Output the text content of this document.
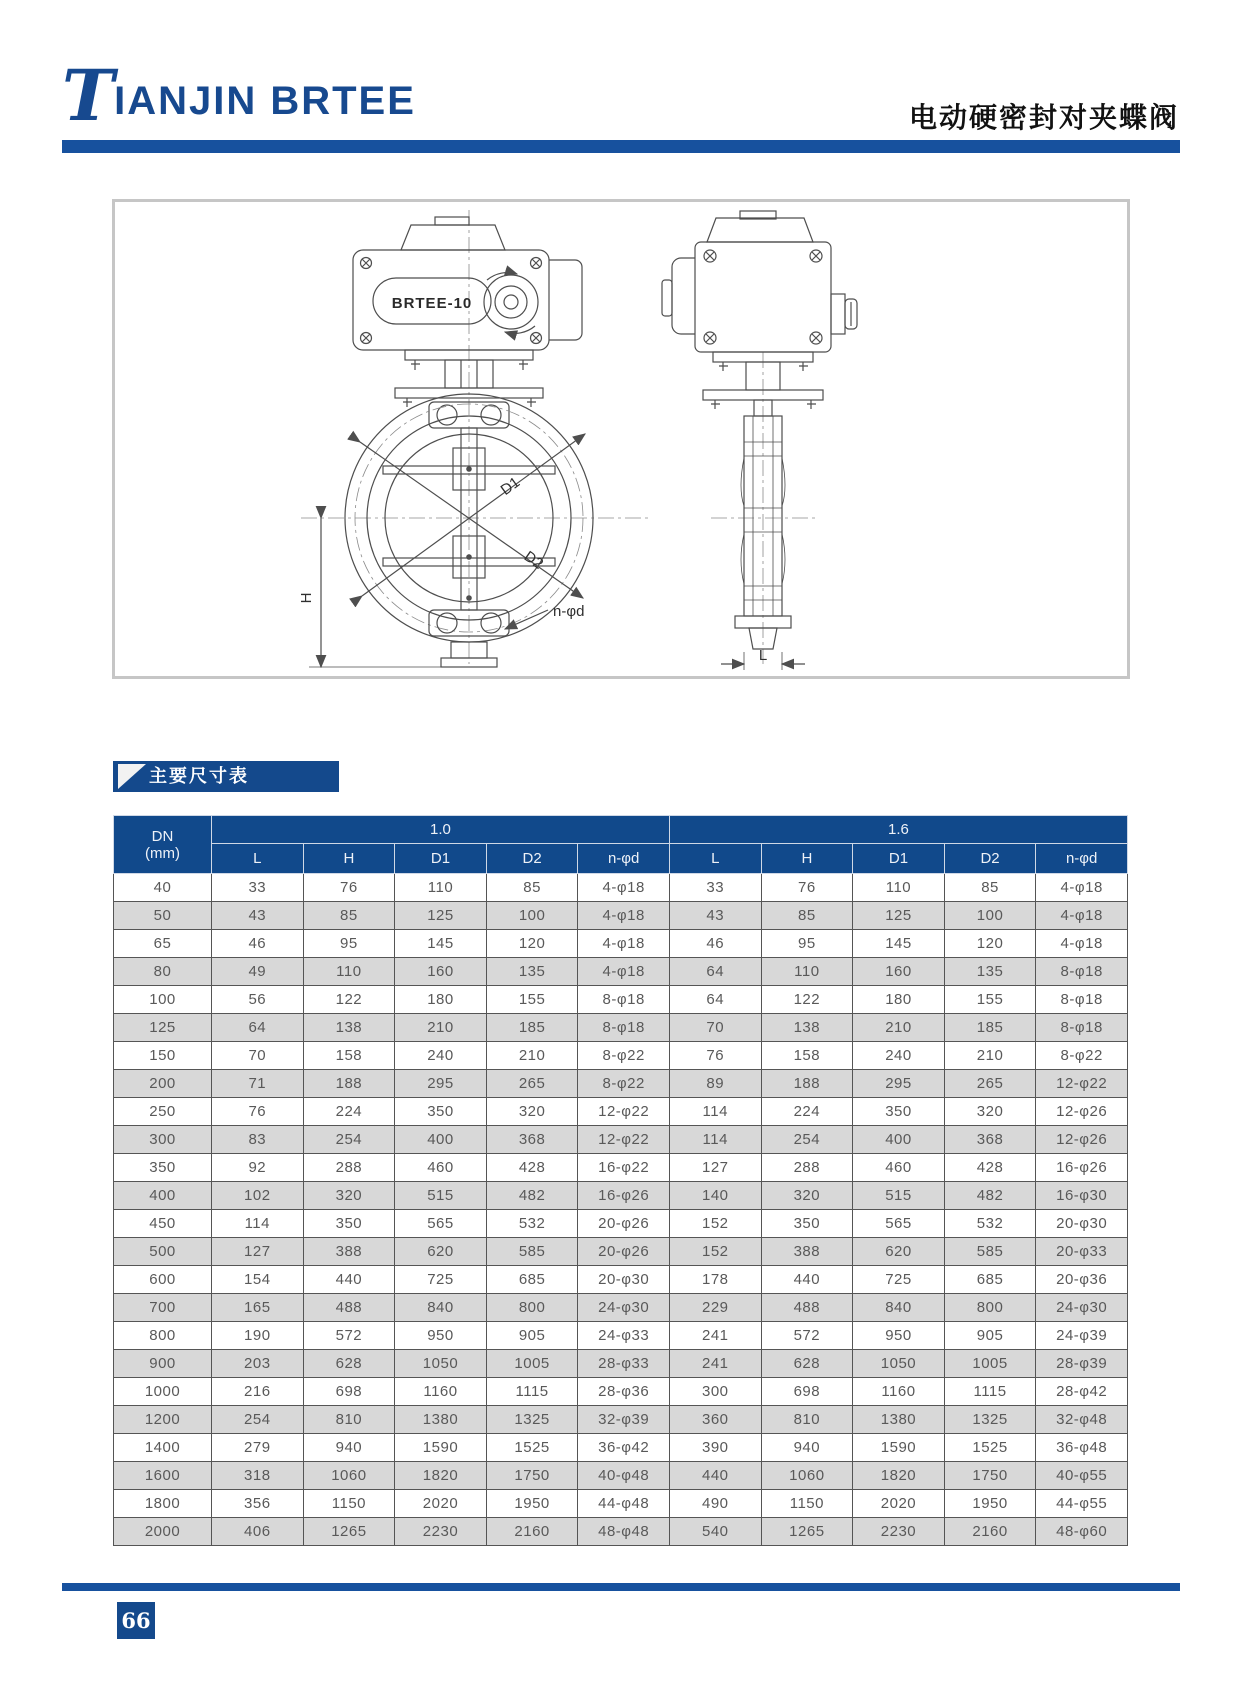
TIANJIN BRTEE	电动硬密封对夹蝶阀
BRTEE-10
D1
D2
H
n-φd
L
主要尺寸表
DN
(mm)	1.0					1.6				
	L	H	D1	D2	n-φd	L	H	D1	D2	n-φd
40	33	76	110	85	4-φ18	33	76	110	85	4-φ18
50	43	85	125	100	4-φ18	43	85	125	100	4-φ18
65	46	95	145	120	4-φ18	46	95	145	120	4-φ18
80	49	110	160	135	4-φ18	64	110	160	135	8-φ18
100	56	122	180	155	8-φ18	64	122	180	155	8-φ18
125	64	138	210	185	8-φ18	70	138	210	185	8-φ18
150	70	158	240	210	8-φ22	76	158	240	210	8-φ22
200	71	188	295	265	8-φ22	89	188	295	265	12-φ22
250	76	224	350	320	12-φ22	114	224	350	320	12-φ26
300	83	254	400	368	12-φ22	114	254	400	368	12-φ26
350	92	288	460	428	16-φ22	127	288	460	428	16-φ26
400	102	320	515	482	16-φ26	140	320	515	482	16-φ30
450	114	350	565	532	20-φ26	152	350	565	532	20-φ30
500	127	388	620	585	20-φ26	152	388	620	585	20-φ33
600	154	440	725	685	20-φ30	178	440	725	685	20-φ36
700	165	488	840	800	24-φ30	229	488	840	800	24-φ30
800	190	572	950	905	24-φ33	241	572	950	905	24-φ39
900	203	628	1050	1005	28-φ33	241	628	1050	1005	28-φ39
1000	216	698	1160	1115	28-φ36	300	698	1160	1115	28-φ42
1200	254	810	1380	1325	32-φ39	360	810	1380	1325	32-φ48
1400	279	940	1590	1525	36-φ42	390	940	1590	1525	36-φ48
1600	318	1060	1820	1750	40-φ48	440	1060	1820	1750	40-φ55
1800	356	1150	2020	1950	44-φ48	490	1150	2020	1950	44-φ55
2000	406	1265	2230	2160	48-φ48	540	1265	2230	2160	48-φ60
66
